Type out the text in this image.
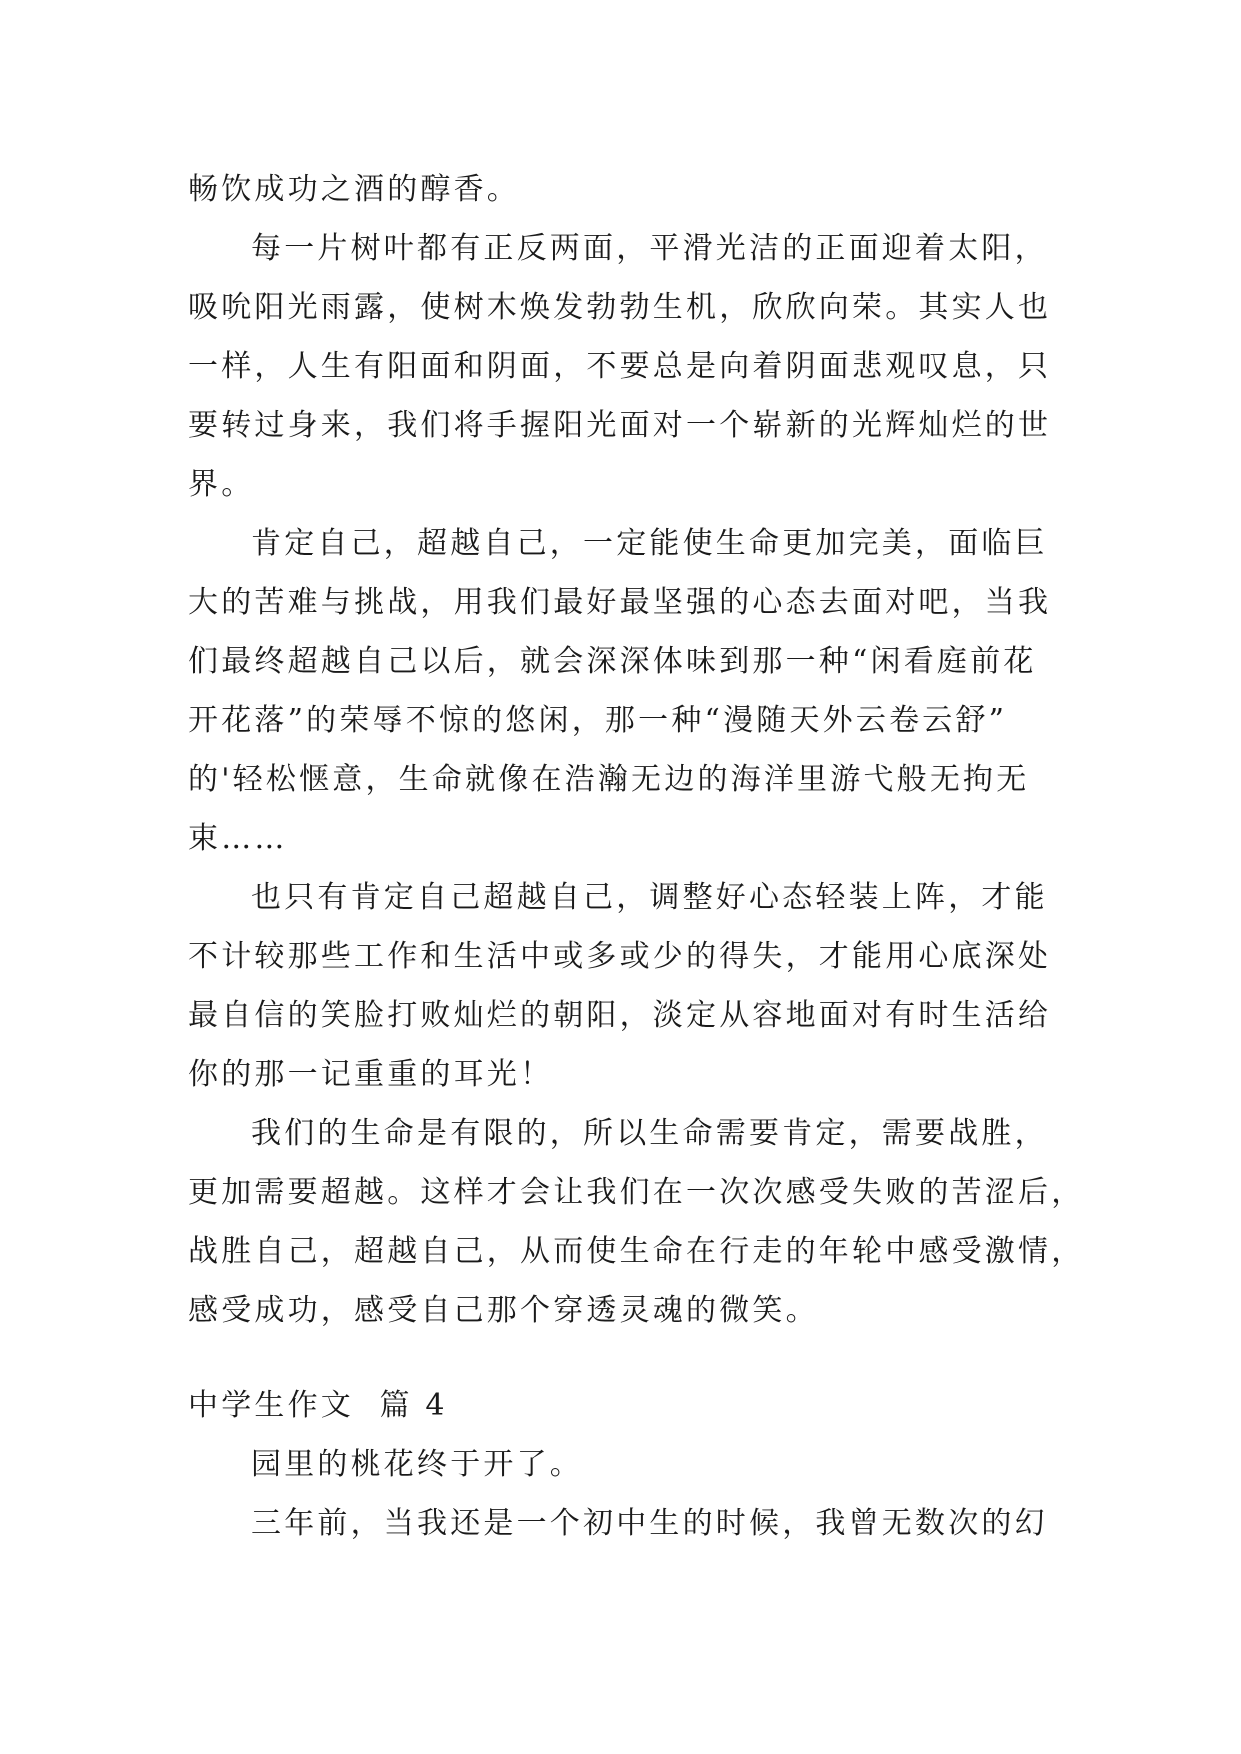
畅饮成功之酒的醇香。
每一片树叶都有正反两面，平滑光洁的正面迎着太阳，
吸吮阳光雨露，使树木焕发勃勃生机，欣欣向荣。其实人也
一样，人生有阳面和阴面，不要总是向着阴面悲观叹息，只
要转过身来，我们将手握阳光面对一个崭新的光辉灿烂的世
界。
肯定自己，超越自己，一定能使生命更加完美，面临巨
大的苦难与挑战，用我们最好最坚强的心态去面对吧，当我
们最终超越自己以后，就会深深体味到那一种“闲看庭前花
开花落”的荣辱不惊的悠闲，那一种“漫随天外云卷云舒”
的'轻松惬意，生命就像在浩瀚无边的海洋里游弋般无拘无
束……
也只有肯定自己超越自己，调整好心态轻装上阵，才能
不计较那些工作和生活中或多或少的得失，才能用心底深处
最自信的笑脸打败灿烂的朝阳，淡定从容地面对有时生活给
你的那一记重重的耳光！
我们的生命是有限的，所以生命需要肯定，需要战胜，
更加需要超越。这样才会让我们在一次次感受失败的苦涩后，
战胜自己，超越自己，从而使生命在行走的年轮中感受激情，
感受成功，感受自己那个穿透灵魂的微笑。
中学生作文  篇 4
园里的桃花终于开了。
三年前，当我还是一个初中生的时候，我曾无数次的幻
